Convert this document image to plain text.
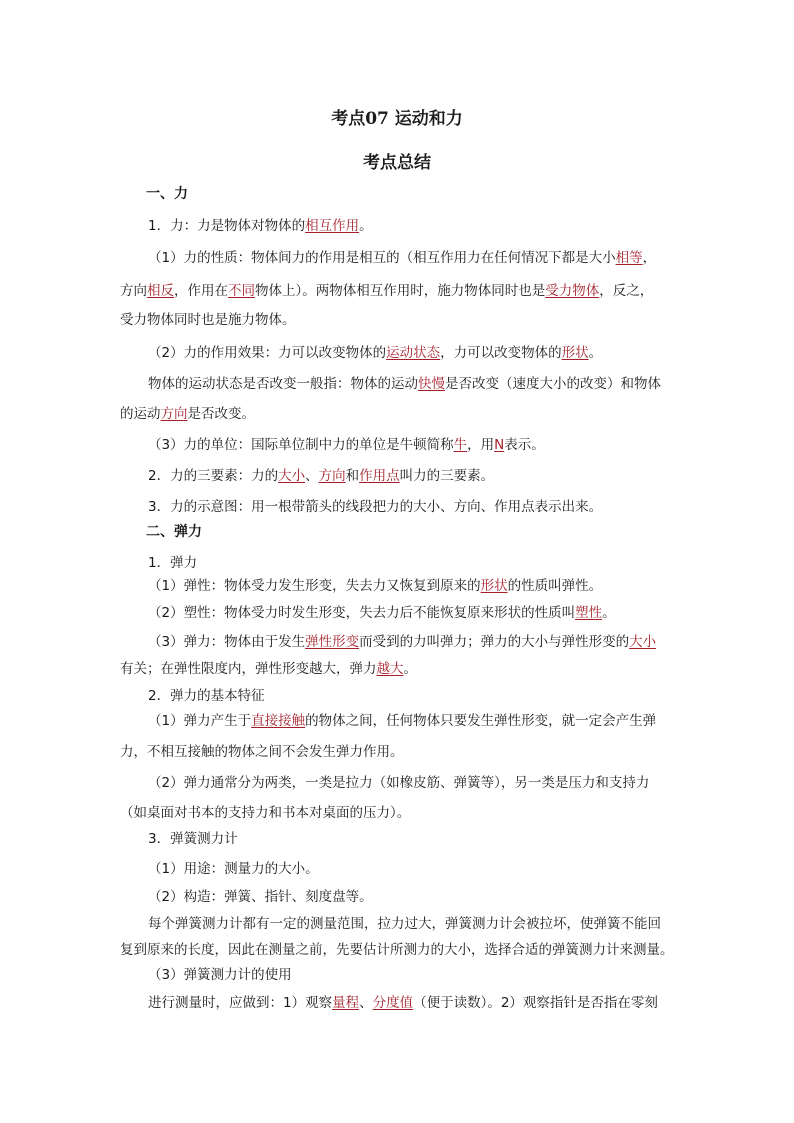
考点07 运动和力
考点总结
一、力
1．力：力是物体对物体的相互作用。
（1）力的性质：物体间力的作用是相互的（相互作用力在任何情况下都是大小相等，
方向相反，作用在不同物体上）。两物体相互作用时，施力物体同时也是受力物体，反之，
受力物体同时也是施力物体。
（2）力的作用效果：力可以改变物体的运动状态，力可以改变物体的形状。
物体的运动状态是否改变一般指：物体的运动快慢是否改变（速度大小的改变）和物体
的运动方向是否改变。
（3）力的单位：国际单位制中力的单位是牛顿简称牛，用N表示。
2．力的三要素：力的大小、方向和作用点叫力的三要素。
3．力的示意图：用一根带箭头的线段把力的大小、方向、作用点表示出来。
二、弹力
1．弹力
（1）弹性：物体受力发生形变，失去力又恢复到原来的形状的性质叫弹性。
（2）塑性：物体受力时发生形变，失去力后不能恢复原来形状的性质叫塑性。
（3）弹力：物体由于发生弹性形变而受到的力叫弹力；弹力的大小与弹性形变的大小
有关；在弹性限度内，弹性形变越大，弹力越大。
2．弹力的基本特征
（1）弹力产生于直接接触的物体之间，任何物体只要发生弹性形变，就一定会产生弹
力，不相互接触的物体之间不会发生弹力作用。
（2）弹力通常分为两类，一类是拉力（如橡皮筋、弹簧等），另一类是压力和支持力
（如桌面对书本的支持力和书本对桌面的压力）。
3．弹簧测力计
（1）用途：测量力的大小。
（2）构造：弹簧、指针、刻度盘等。
每个弹簧测力计都有一定的测量范围，拉力过大，弹簧测力计会被拉坏，使弹簧不能回
复到原来的长度，因此在测量之前，先要估计所测力的大小，选择合适的弹簧测力计来测量。
（3）弹簧测力计的使用
进行测量时，应做到：1）观察量程、分度值（便于读数）。2）观察指针是否指在零刻
